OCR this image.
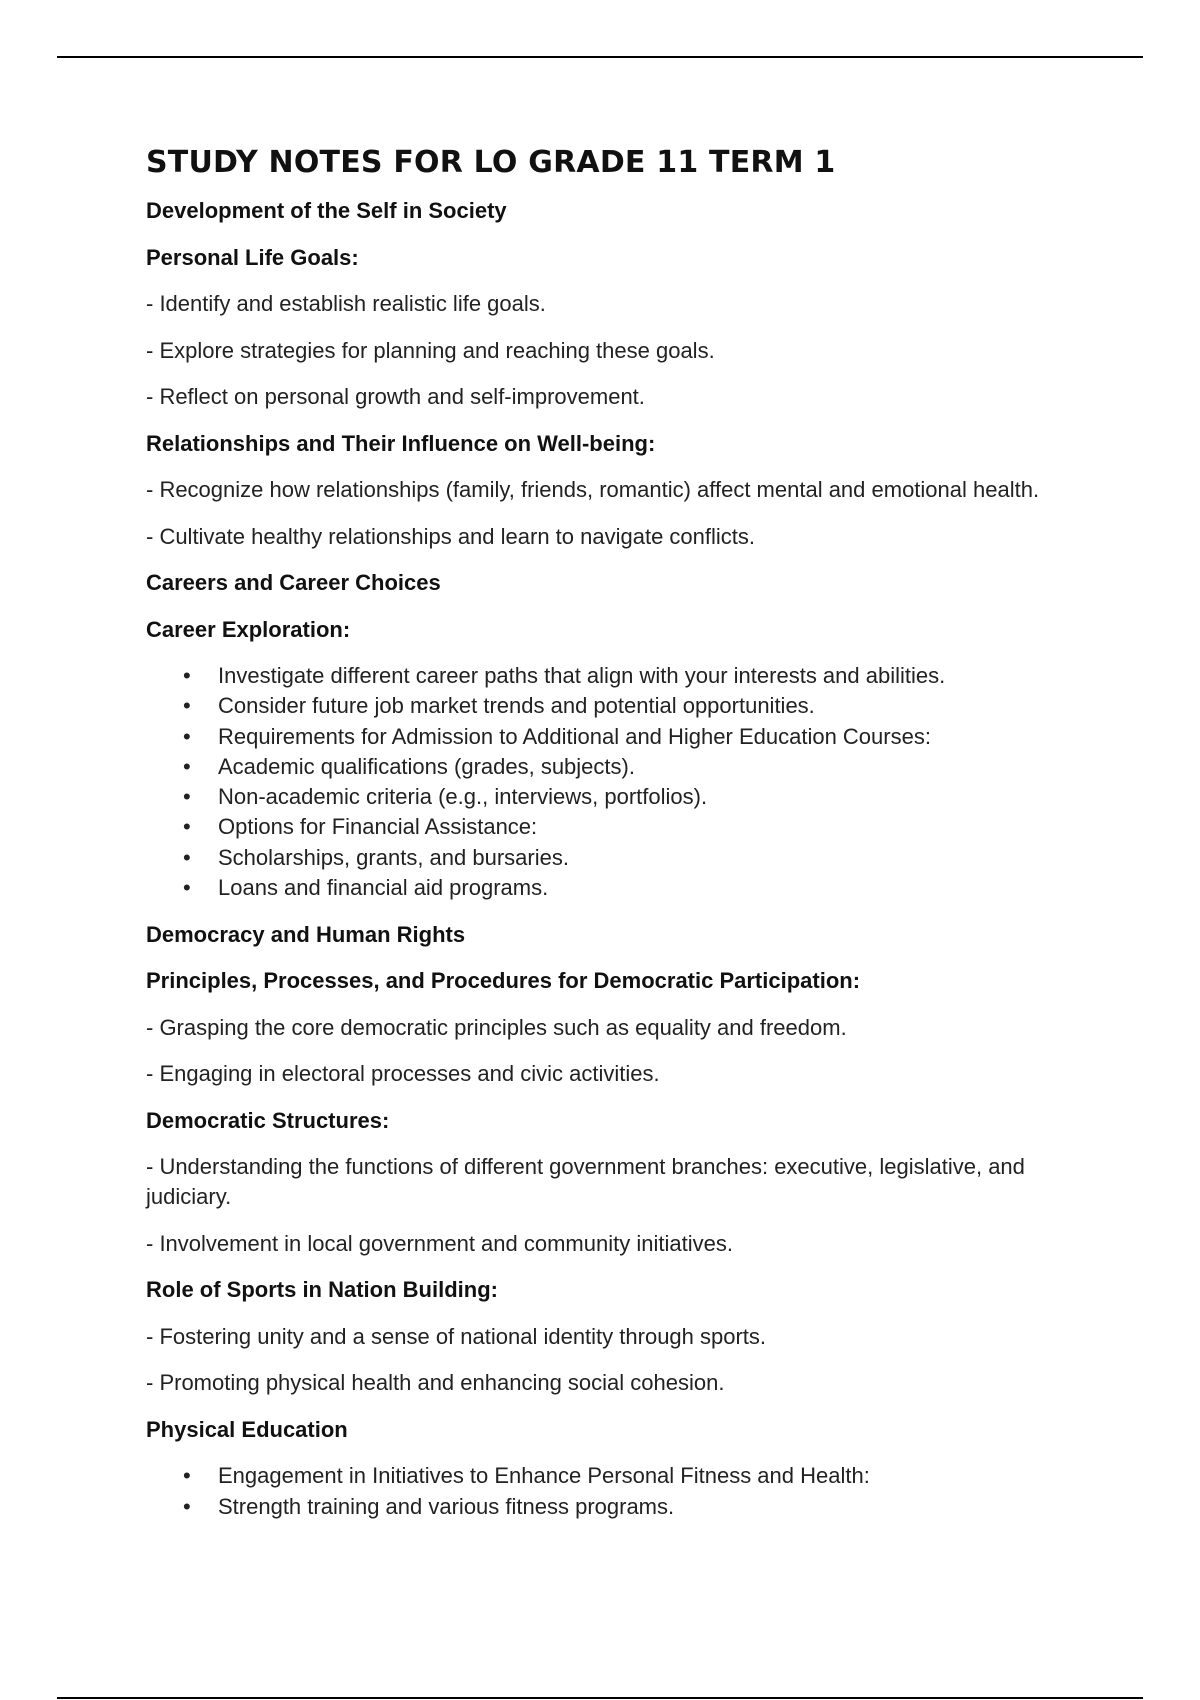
STUDY NOTES FOR LO GRADE 11 TERM 1
Development of the Self in Society
Personal Life Goals:
- Identify and establish realistic life goals.
- Explore strategies for planning and reaching these goals.
- Reflect on personal growth and self-improvement.
Relationships and Their Influence on Well-being:
- Recognize how relationships (family, friends, romantic) affect mental and emotional health.
- Cultivate healthy relationships and learn to navigate conflicts.
Careers and Career Choices
Career Exploration:
• Investigate different career paths that align with your interests and abilities.
• Consider future job market trends and potential opportunities.
• Requirements for Admission to Additional and Higher Education Courses:
• Academic qualifications (grades, subjects).
• Non-academic criteria (e.g., interviews, portfolios).
• Options for Financial Assistance:
• Scholarships, grants, and bursaries.
• Loans and financial aid programs.
Democracy and Human Rights
Principles, Processes, and Procedures for Democratic Participation:
- Grasping the core democratic principles such as equality and freedom.
- Engaging in electoral processes and civic activities.
Democratic Structures:
- Understanding the functions of different government branches: executive, legislative, and judiciary.
- Involvement in local government and community initiatives.
Role of Sports in Nation Building:
- Fostering unity and a sense of national identity through sports.
- Promoting physical health and enhancing social cohesion.
Physical Education
• Engagement in Initiatives to Enhance Personal Fitness and Health:
• Strength training and various fitness programs.
